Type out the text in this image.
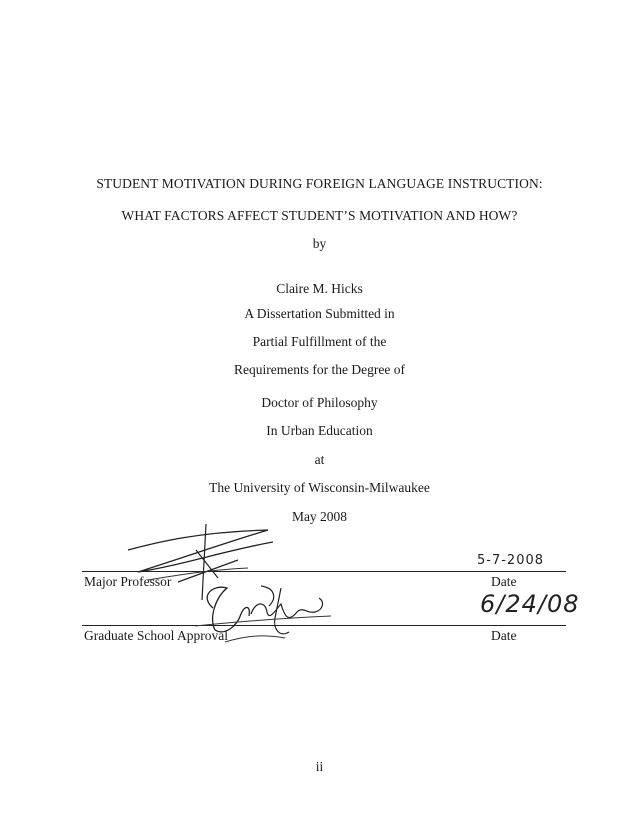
STUDENT MOTIVATION DURING FOREIGN LANGUAGE INSTRUCTION:
WHAT FACTORS AFFECT STUDENT’S MOTIVATION AND HOW?
by
Claire M. Hicks
A Dissertation Submitted in
Partial Fulfillment of the
Requirements for the Degree of
Doctor of Philosophy
In Urban Education
at
The University of Wisconsin-Milwaukee
May 2008
Major Professor	Date
5-7-2008
Graduate School Approval	Date
6/24/08
ii
